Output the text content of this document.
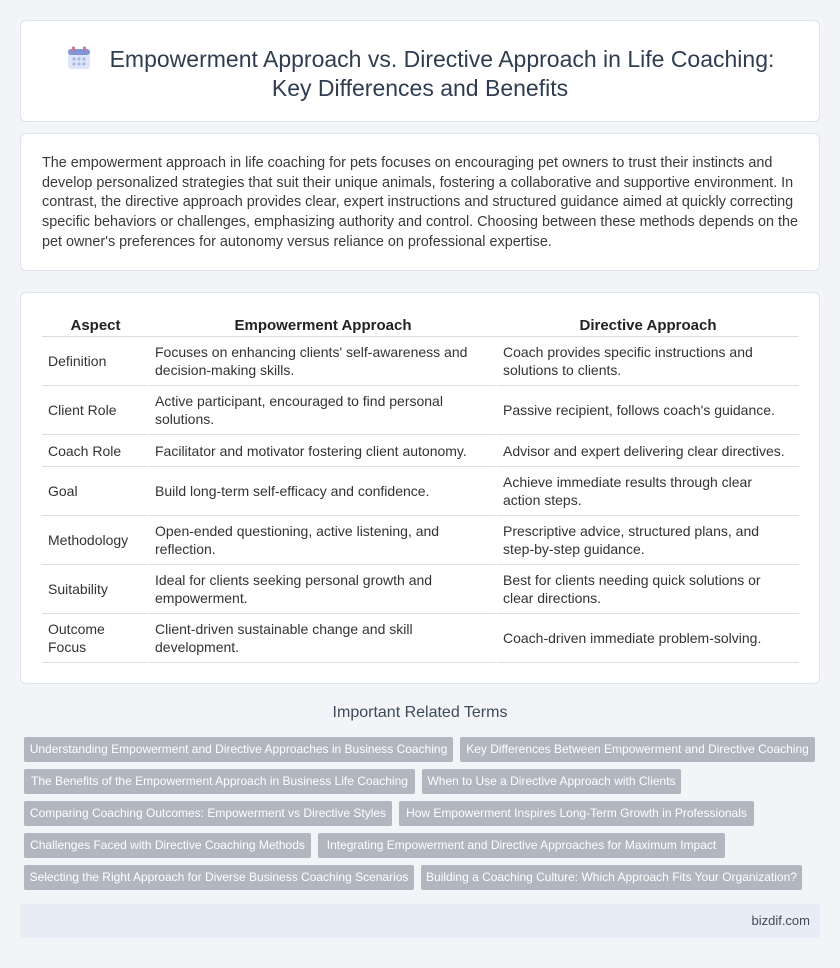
Empowerment Approach vs. Directive Approach in Life Coaching:
Key Differences and Benefits

The empowerment approach in life coaching for pets focuses on encouraging pet owners to trust their instincts and develop personalized strategies that suit their unique animals, fostering a collaborative and supportive environment. In contrast, the directive approach provides clear, expert instructions and structured guidance aimed at quickly correcting specific behaviors or challenges, emphasizing authority and control. Choosing between these methods depends on the pet owner's preferences for autonomy versus reliance on professional expertise.

Aspect	Empowerment Approach	Directive Approach
Definition	Focuses on enhancing clients' self-awareness and decision-making skills.	Coach provides specific instructions and solutions to clients.
Client Role	Active participant, encouraged to find personal solutions.	Passive recipient, follows coach's guidance.
Coach Role	Facilitator and motivator fostering client autonomy.	Advisor and expert delivering clear directives.
Goal	Build long-term self-efficacy and confidence.	Achieve immediate results through clear action steps.
Methodology	Open-ended questioning, active listening, and reflection.	Prescriptive advice, structured plans, and step-by-step guidance.
Suitability	Ideal for clients seeking personal growth and empowerment.	Best for clients needing quick solutions or clear directions.
Outcome Focus	Client-driven sustainable change and skill development.	Coach-driven immediate problem-solving.
Important Related Terms
Understanding Empowerment and Directive Approaches in Business Coaching	Key Differences Between Empowerment and Directive Coaching
The Benefits of the Empowerment Approach in Business Life Coaching	When to Use a Directive Approach with Clients
Comparing Coaching Outcomes: Empowerment vs Directive Styles	How Empowerment Inspires Long-Term Growth in Professionals
Challenges Faced with Directive Coaching Methods	Integrating Empowerment and Directive Approaches for Maximum Impact
Selecting the Right Approach for Diverse Business Coaching Scenarios	Building a Coaching Culture: Which Approach Fits Your Organization?
bizdif.com
